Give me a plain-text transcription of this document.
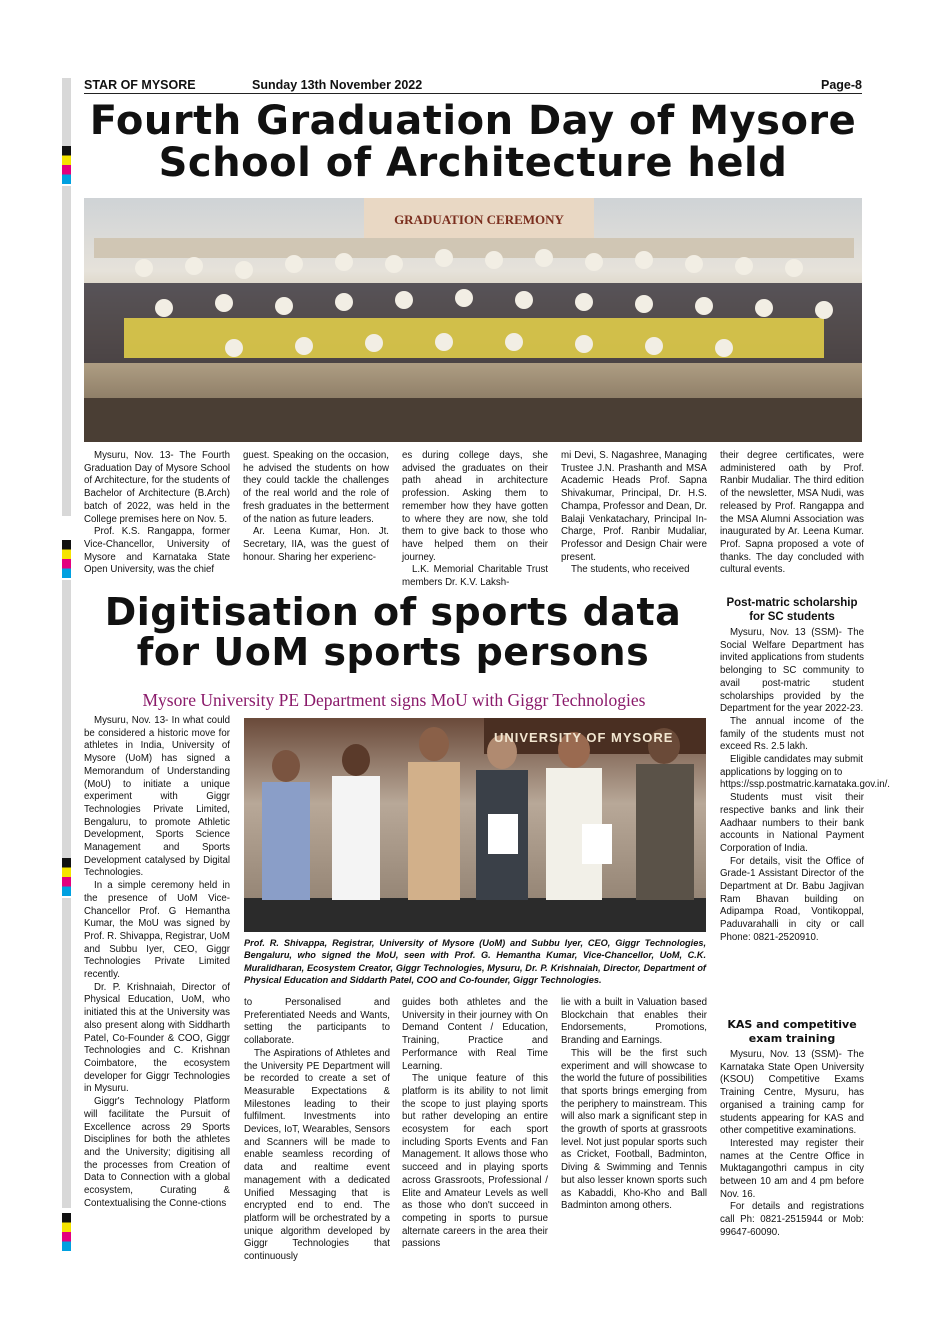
STAR OF MYSORE	Sunday 13th November 2022	Page-8
Fourth Graduation Day of Mysore
School of Architecture held
GRADUATION CEREMONY

Mysuru, Nov. 13- The Fourth Graduation Day of Mysore School of Architecture, for the students of Bachelor of Architecture (B.Arch) batch of 2022, was held in the College premises here on Nov. 5.

Prof. K.S. Rangappa, former Vice-Chancellor, University of Mysore and Karnataka State Open University, was the chief

guest. Speaking on the occasion, he advised the students on how they could tackle the challenges of the real world and the role of fresh graduates in the betterment of the nation as future leaders.

Ar. Leena Kumar, Hon. Jt. Secretary, IIA, was the guest of honour. Sharing her experienc-

es during college days, she advised the graduates on their path ahead in architecture profession. Asking them to remember how they have gotten to where they are now, she told them to give back to those who have helped them on their journey.

L.K. Memorial Charitable Trust members Dr. K.V. Laksh-

mi Devi, S. Nagashree, Managing Trustee J.N. Prashanth and MSA Academic Heads Prof. Sapna Shivakumar, Principal, Dr. H.S. Champa, Professor and Dean, Dr. Balaji Venkatachary, Principal In-Charge, Prof. Ranbir Mudaliar, Professor and Design Chair were present.

The students, who received

their degree certificates, were administered oath by Prof. Ranbir Mudaliar. The third edition of the newsletter, MSA Nudi, was released by Prof. Rangappa and the MSA Alumni Association was inaugurated by Ar. Leena Kumar. Prof. Sapna proposed a vote of thanks. The day concluded with cultural events.

Digitisation of sports data
for UoM sports persons
Mysore University PE Department signs MoU with Giggr Technologies

Mysuru, Nov. 13- In what could be considered a historic move for athletes in India, University of Mysore (UoM) has signed a Memorandum of Understanding (MoU) to initiate a unique experiment with Giggr Technologies Private Limited, Bengaluru, to promote Athletic Development, Sports Science Management and Sports Development catalysed by Digital Technologies.

In a simple ceremony held in the presence of UoM Vice-Chancellor Prof. G Hemantha Kumar, the MoU was signed by Prof. R. Shivappa, Registrar, UoM and Subbu Iyer, CEO, Giggr Technologies Private Limited recently.

Dr. P. Krishnaiah, Director of Physical Education, UoM, who initiated this at the University was also present along with Siddharth Patel, Co-Founder & COO, Giggr Technologies and C. Krishnan Coimbatore, the ecosystem developer for Giggr Technologies in Mysuru.

Giggr's Technology Platform will facilitate the Pursuit of Excellence across 29 Sports Disciplines for both the athletes and the University; digitising all the processes from Creation of Data to Connection with a global ecosystem, Curating & Contextualising the Conne-ctions

UNIVERSITY OF MYSORE
Prof. R. Shivappa, Registrar, University of Mysore (UoM) and Subbu Iyer, CEO, Giggr Technologies, Bengaluru, who signed the MoU, seen with Prof. G. Hemantha Kumar, Vice-Chancellor, UoM, C.K. Muralidharan, Ecosystem Creator, Giggr Technologies, Mysuru, Dr. P. Krishnaiah, Director, Department of Physical Education and Siddarth Patel, COO and Co-founder, Giggr Technologies.

to Personalised and Preferentiated Needs and Wants, setting the participants to collaborate.

The Aspirations of Athletes and the University PE Department will be recorded to create a set of Measurable Expectations & Milestones leading to their fulfilment. Investments into Devices, IoT, Wearables, Sensors and Scanners will be made to enable seamless recording of data and realtime event management with a dedicated Unified Messaging that is encrypted end to end. The platform will be orchestrated by a unique algorithm developed by Giggr Technologies that continuously

guides both athletes and the University in their journey with On Demand Content / Education, Training, Practice and Performance with Real Time Learning.

The unique feature of this platform is its ability to not limit the scope to just playing sports but rather developing an entire ecosystem for each sport including Sports Events and Fan Management. It allows those who succeed and in playing sports across Grassroots, Professional / Elite and Amateur Levels as well as those who don't succeed in competing in sports to pursue alternate careers in the area their passions

lie with a built in Valuation based Blockchain that enables their Endorsements, Promotions, Branding and Earnings.

This will be the first such experiment and will showcase to the world the future of possibilities that sports brings emerging from the periphery to mainstream. This will also mark a significant step in the growth of sports at grassroots level. Not just popular sports such as Cricket, Football, Badminton, Diving & Swimming and Tennis but also lesser known sports such as Kabaddi, Kho-Kho and Ball Badminton among others.

Post-matric scholarship for SC students

Mysuru, Nov. 13 (SSM)- The Social Welfare Department has invited applications from students belonging to SC community to avail post-matric student scholarships provided by the Department for the year 2022-23.

The annual income of the family of the students must not exceed Rs. 2.5 lakh.

Eligible candidates may submit applications by logging on to https://ssp.postmatric.karnataka.gov.in/.

Students must visit their respective banks and link their Aadhaar numbers to their bank accounts in National Payment Corporation of India.

For details, visit the Office of Grade-1 Assistant Director of the Department at Dr. Babu Jagjivan Ram Bhavan building on Adipampa Road, Vontikoppal, Paduvarahalli in city or call Phone: 0821-2520910.

KAS and competitive exam training

Mysuru, Nov. 13 (SSM)- The Karnataka State Open University (KSOU) Competitive Exams Training Centre, Mysuru, has organised a training camp for students appearing for KAS and other competitive examinations.

Interested may register their names at the Centre Office in Muktagangothri campus in city between 10 am and 4 pm before Nov. 16.

For details and registrations call Ph: 0821-2515944 or Mob: 99647-60090.
